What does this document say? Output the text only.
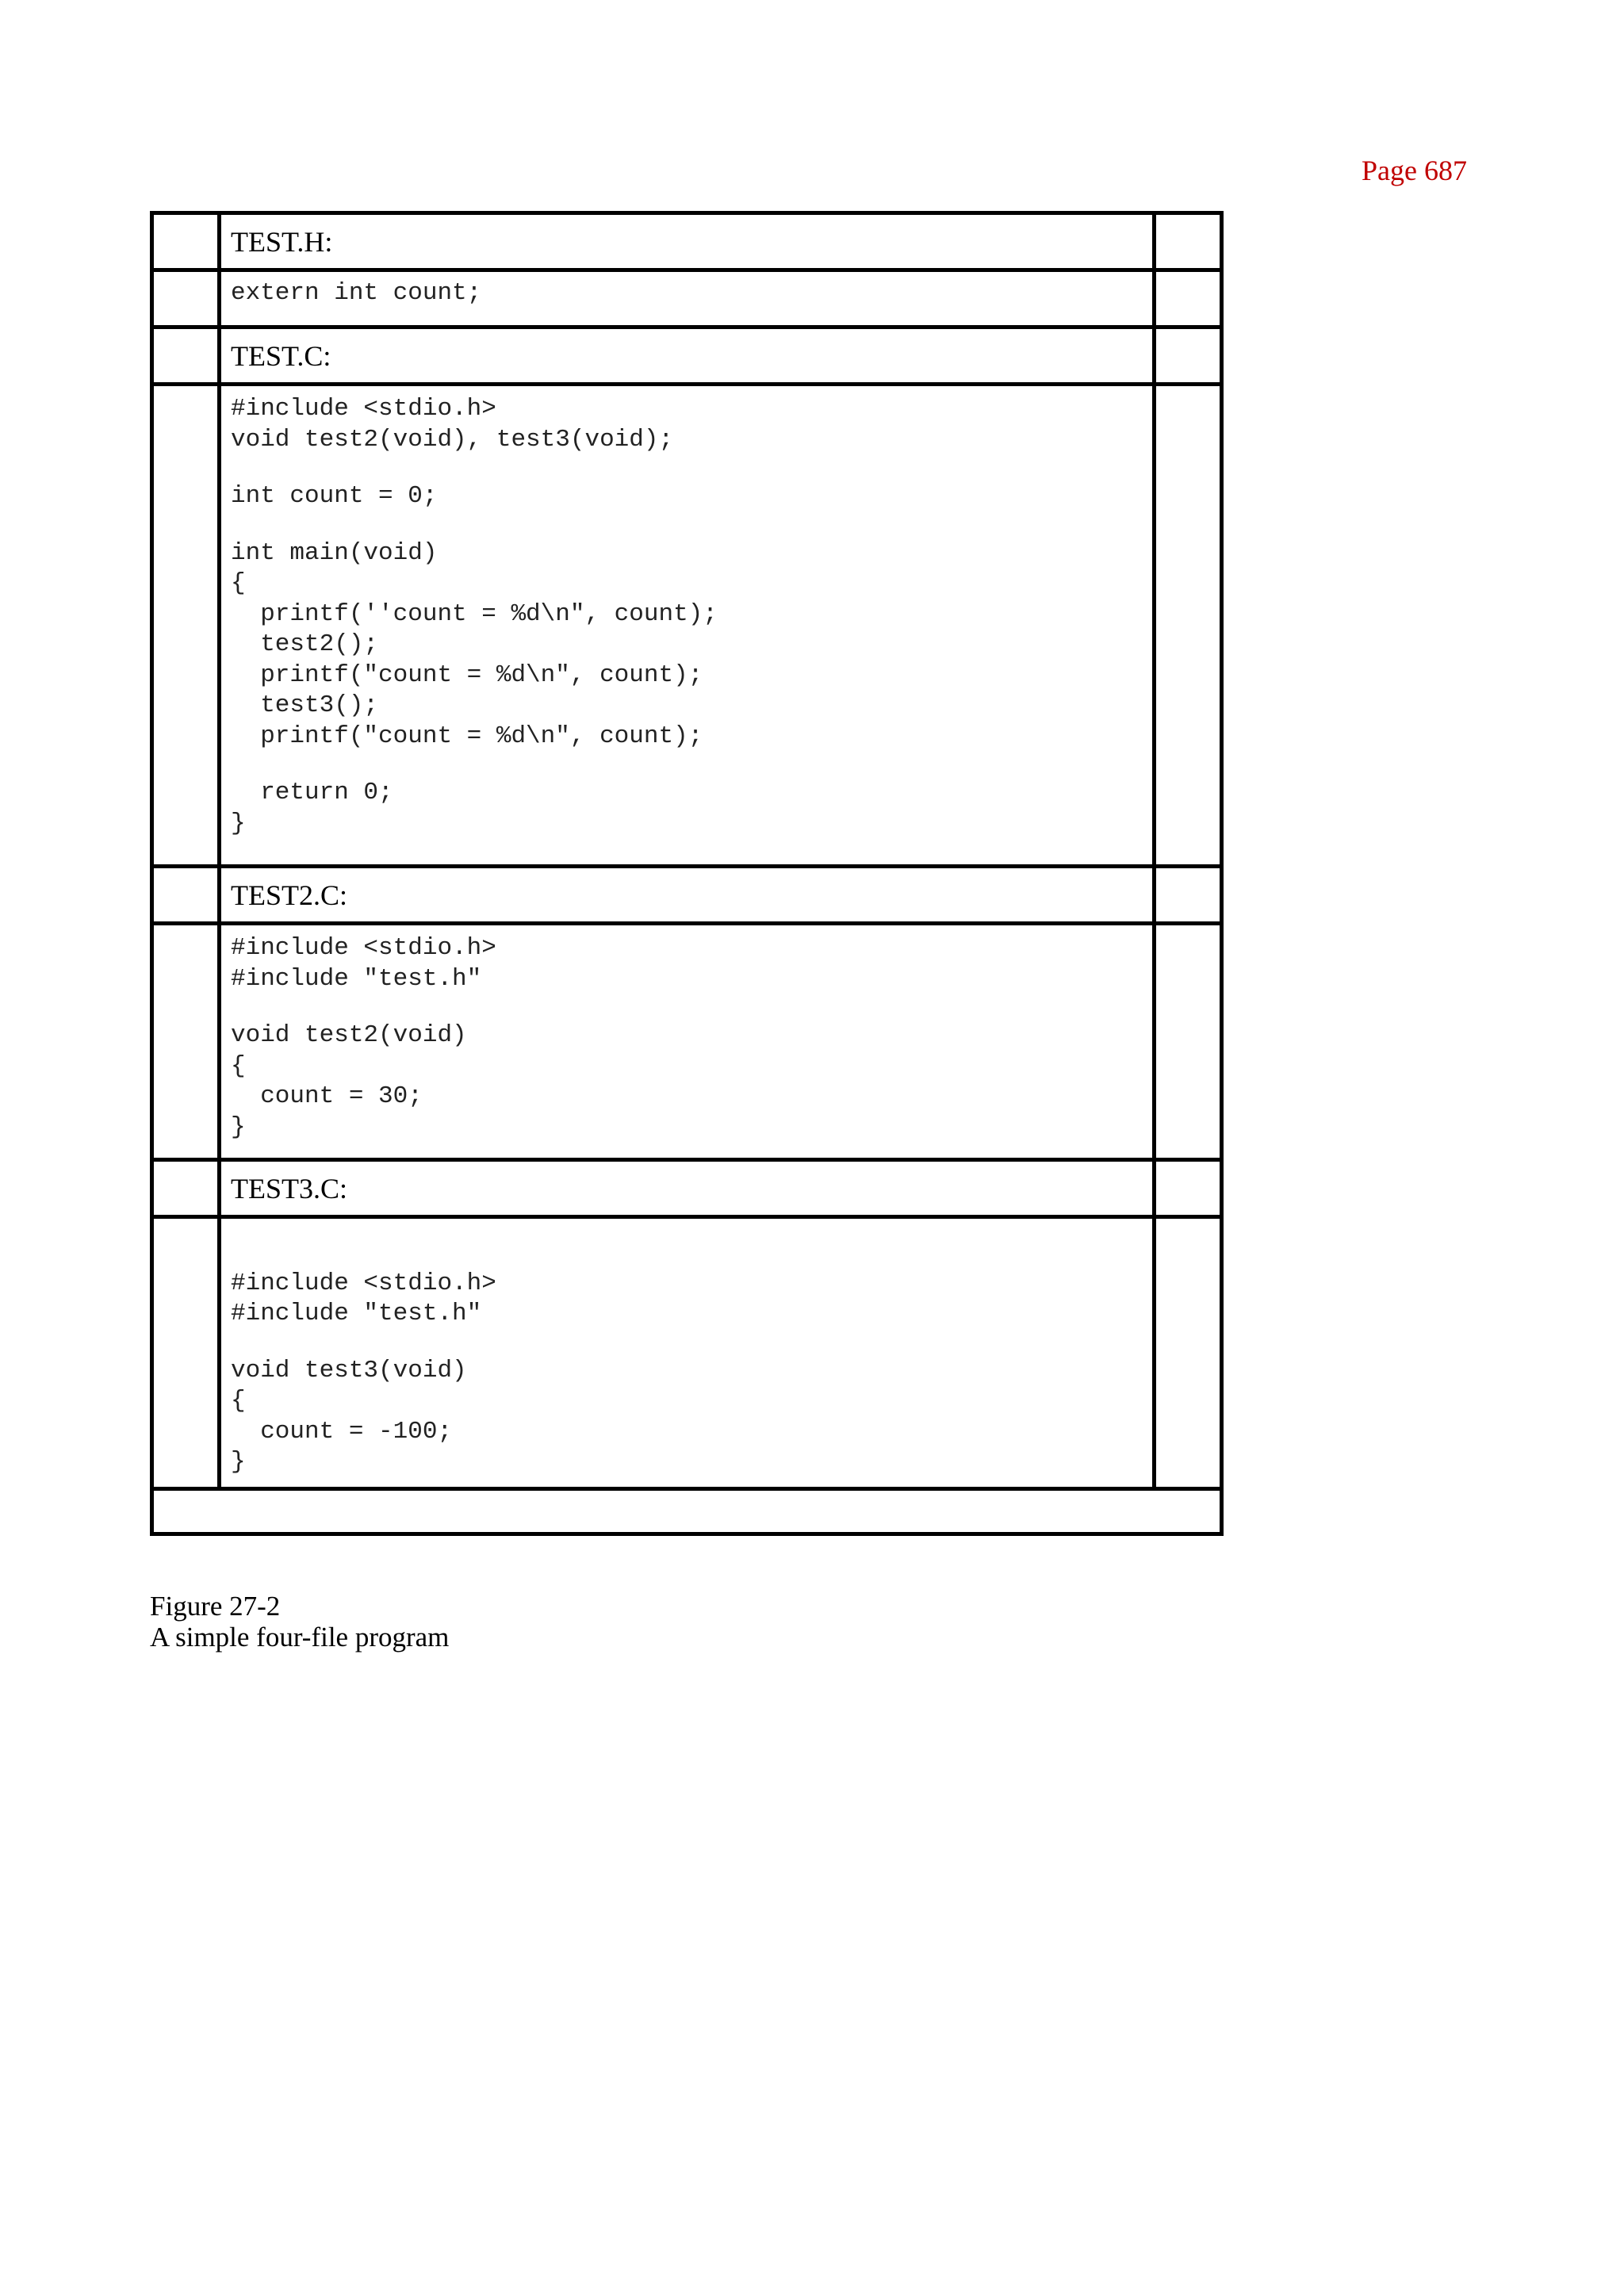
Page 687
TEST.H:
extern int count;
TEST.C:
#include <stdio.h>
void test2(void), test3(void);
int count = 0;
int main(void)
{
printf(''count = %d\n", count);
test2();
printf("count = %d\n", count);
test3();
printf("count = %d\n", count);
return 0;
}
TEST2.C:
#include <stdio.h>
#include "test.h"
void test2(void)
{
count = 30;
}
TEST3.C:
#include <stdio.h>
#include "test.h"
void test3(void)
{
count = -100;
}
Figure 27-2
A simple four-file program
